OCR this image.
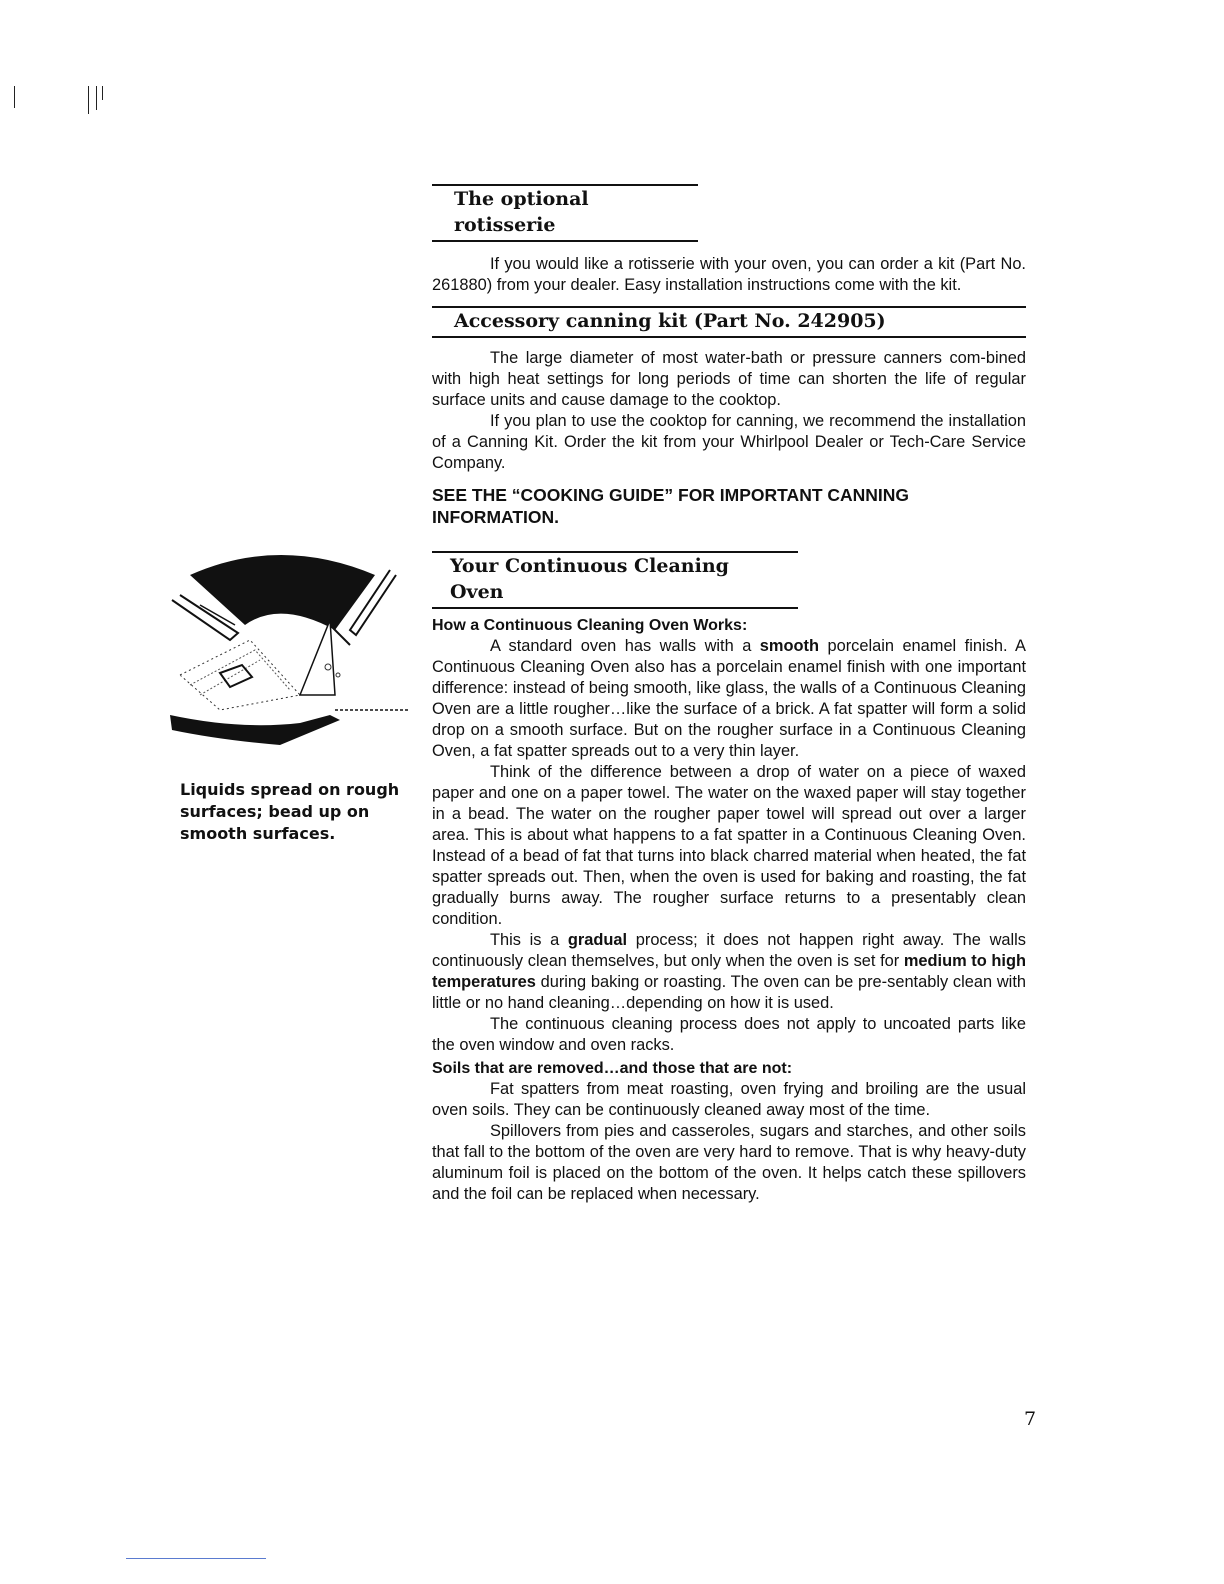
The optional rotisserie

If you would like a rotisserie with your oven, you can order a kit (Part No. 261880) from your dealer. Easy installation instructions come with the kit.

Accessory canning kit (Part No. 242905)

The large diameter of most water-bath or pressure canners com-bined with high heat settings for long periods of time can shorten the life of regular surface units and cause damage to the cooktop.

If you plan to use the cooktop for canning, we recommend the installation of a Canning Kit. Order the kit from your Whirlpool Dealer or Tech-Care Service Company.

SEE THE “COOKING GUIDE” FOR IMPORTANT CANNING INFORMATION.

Your Continuous Cleaning Oven

How a Continuous Cleaning Oven Works:

A standard oven has walls with a smooth porcelain enamel finish. A Continuous Cleaning Oven also has a porcelain enamel finish with one important difference: instead of being smooth, like glass, the walls of a Continuous Cleaning Oven are a little rougher…like the surface of a brick. A fat spatter will form a solid drop on a smooth surface. But on the rougher surface in a Continuous Cleaning Oven, a fat spatter spreads out to a very thin layer.

Think of the difference between a drop of water on a piece of waxed paper and one on a paper towel. The water on the waxed paper will stay together in a bead. The water on the rougher paper towel will spread out over a larger area. This is about what happens to a fat spatter in a Continuous Cleaning Oven. Instead of a bead of fat that turns into black charred material when heated, the fat spatter spreads out. Then, when the oven is used for baking and roasting, the fat gradually burns away. The rougher surface returns to a presentably clean condition.

This is a gradual process; it does not happen right away. The walls continuously clean themselves, but only when the oven is set for medium to high temperatures during baking or roasting. The oven can be pre-sentably clean with little or no hand cleaning…depending on how it is used.

The continuous cleaning process does not apply to uncoated parts like the oven window and oven racks.

Soils that are removed…and those that are not:

Fat spatters from meat roasting, oven frying and broiling are the usual oven soils. They can be continuously cleaned away most of the time.

Spillovers from pies and casseroles, sugars and starches, and other soils that fall to the bottom of the oven are very hard to remove. That is why heavy-duty aluminum foil is placed on the bottom of the oven. It helps catch these spillovers and the foil can be replaced when necessary.

Liquids spread on rough surfaces; bead up on smooth surfaces.
7
